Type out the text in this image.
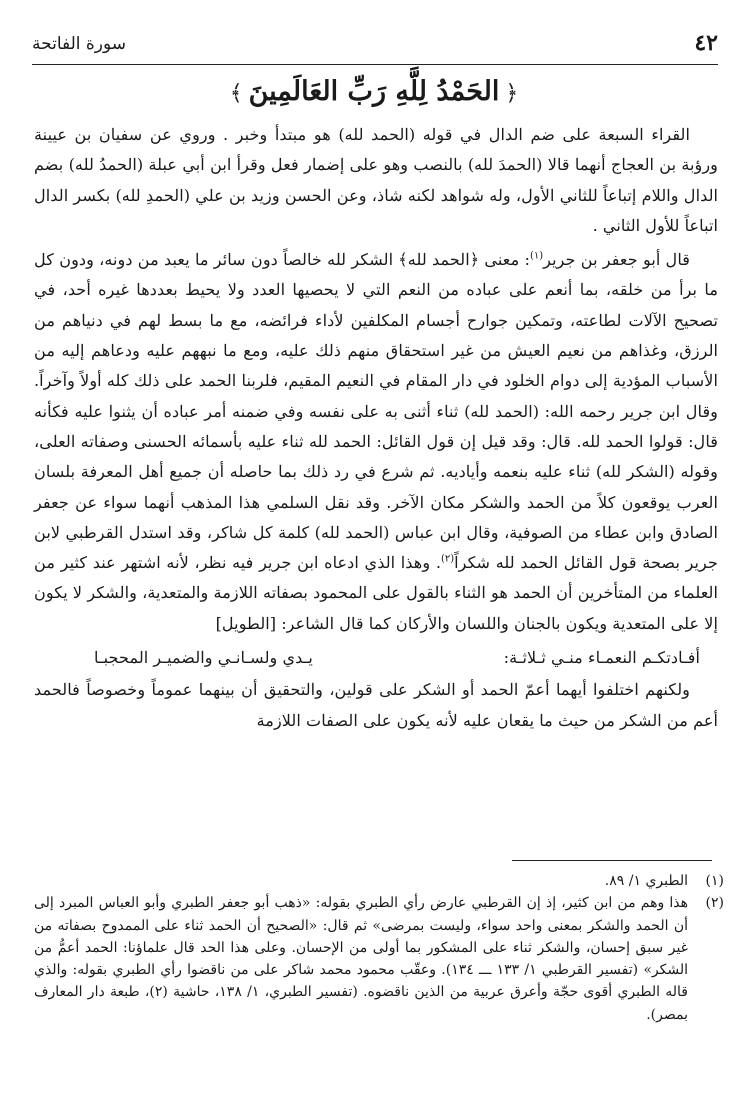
٤٢
سورة الفاتحة
﴿الحَمْدُ لِلَّهِ رَبِّ العَالَمِينَ﴾

القراء السبعة على ضم الدال في قوله (الحمد لله) هو مبتدأ وخبر . وروي عن سفيان بن عيينة ورؤبة بن العجاج أنهما قالا (الحمدَ لله) بالنصب وهو على إضمار فعل وقرأ ابن أبي عبلة (الحمدُ لله) بضم الدال واللام إتباعاً للثاني الأول، وله شواهد لكنه شاذ، وعن الحسن وزيد بن علي (الحمدِ لله) بكسر الدال اتباعاً للأول الثاني .

قال أبو جعفر بن جرير$^{(١)}$: معنى ﴿الحمد لله﴾ الشكر لله خالصاً دون سائر ما يعبد من دونه، ودون كل ما برأ من خلقه، بما أنعم على عباده من النعم التي لا يحصيها العدد ولا يحيط بعددها غيره أحد، في تصحيح الآلات لطاعته، وتمكين جوارح أجسام المكلفين لأداء فرائضه، مع ما بسط لهم في دنياهم من الرزق، وغذاهم من نعيم العيش من غير استحقاق منهم ذلك عليه، ومع ما نبههم عليه ودعاهم إليه من الأسباب المؤدية إلى دوام الخلود في دار المقام في النعيم المقيم، فلربنا الحمد على ذلك كله أولاً وآخراً. وقال ابن جرير رحمه الله: (الحمد لله) ثناء أثنى به على نفسه وفي ضمنه أمر عباده أن يثنوا عليه فكأنه قال: قولوا الحمد لله. قال: وقد قيل إن قول القائل: الحمد لله ثناء عليه بأسمائه الحسنى وصفاته العلى، وقوله (الشكر لله) ثناء عليه بنعمه وأياديه. ثم شرع في رد ذلك بما حاصله أن جميع أهل المعرفة بلسان العرب يوقعون كلاً من الحمد والشكر مكان الآخر. وقد نقل السلمي هذا المذهب أنهما سواء عن جعفر الصادق وابن عطاء من الصوفية، وقال ابن عباس (الحمد لله) كلمة كل شاكر، وقد استدل القرطبي لابن جرير بصحة قول القائل الحمد لله شكراً$^{(٢)}$. وهذا الذي ادعاه ابن جرير فيه نظر، لأنه اشتهر عند كثير من العلماء من المتأخرين أن الحمد هو الثناء بالقول على المحمود بصفاته اللازمة والمتعدية، والشكر لا يكون إلا على المتعدية ويكون بالجنان واللسان والأركان كما قال الشاعر: [الطويل]

أفـادتكـم النعمـاء منـي ثـلاثـة:
يـدي ولسـانـي والضميـر المحجبـا

ولكنهم اختلفوا أيهما أعمّ الحمد أو الشكر على قولين، والتحقيق أن بينهما عموماً وخصوصاً فالحمد أعم من الشكر من حيث ما يقعان عليه لأنه يكون على الصفات اللازمة

(١)
الطبري ١/ ٨٩.
(٢)
هذا وهم من ابن كثير، إذ إن القرطبي عارض رأي الطبري بقوله: «ذهب أبو جعفر الطبري وأبو العباس المبرد إلى أن الحمد والشكر بمعنى واحد سواء، وليست بمرضى» ثم قال: «الصحيح أن الحمد ثناء على الممدوح بصفاته من غير سبق إحسان، والشكر ثناء على المشكور بما أولى من الإحسان. وعلى هذا الحد قال علماؤنا: الحمد أعمُّ من الشكر» (تفسير القرطبي ١/ ١٣٣ ـــ ١٣٤). وعقّب محمود محمد شاكر على من ناقضوا رأي الطبري بقوله: والذي قاله الطبري أقوى حجّة وأعرق عربية من الذين ناقضوه. (تفسير الطبري، ١/ ١٣٨، حاشية (٢)، طبعة دار المعارف بمصر).
